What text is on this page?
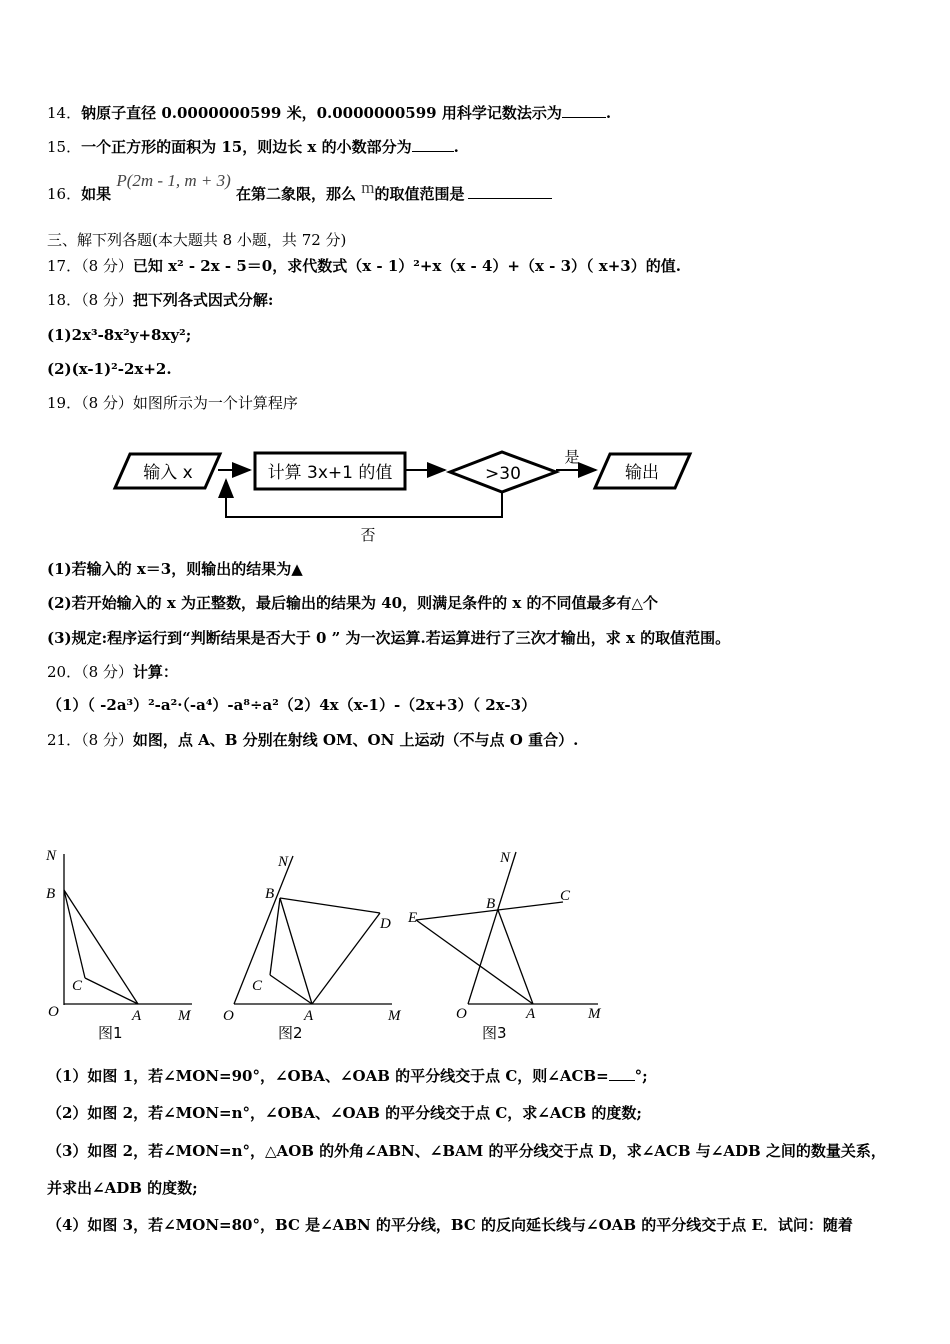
14．钠原子直径 0.0000000599 米，0.0000000599 用科学记数法示为	.
15．一个正方形的面积为 15，则边长 x 的小数部分为	.
16．如果 P(2m - 1, m + 3) 在第二象限，那么 m的取值范围是
三、解下列各题(本大题共 8 小题，共 72 分)
17．（8 分）已知 x² - 2x - 5＝0，求代数式（x - 1）²+x（x - 4）+（x - 3）（ x+3）的值.
18．（8 分）把下列各式因式分解:
(1)2x³-8x²y+8xy²;
(2)(x-1)²-2x+2.
19．（8 分）如图所示为一个计算程序
输入 x	计算 3x+1 的值	>30
是
输出
否
(1)若输入的 x＝3，则输出的结果为▲
(2)若开始输入的 x 为正整数，最后输出的结果为 40，则满足条件的 x 的不同值最多有△个
(3)规定:程序运行到“判断结果是否大于 0 ” 为一次运算.若运算进行了三次才输出，求 x 的取值范围。
20．（8 分）计算：
（1）（ -2a³）²-a²·（-a⁴）-a⁸÷a²（2）4x（x-1）-（2x+3）（ 2x-3）
21．（8 分）如图，点 A、B 分别在射线 OM、ON 上运动（不与点 O 重合）.
N
B
C
O	A M
N
B
C
D
O	A	M
N
B	C
E
O	A	M
图1	图2	图3
（1）如图 1，若∠MON=90°，∠OBA、∠OAB 的平分线交于点 C，则∠ACB= °;
（2）如图 2，若∠MON=n°，∠OBA、∠OAB 的平分线交于点 C，求∠ACB 的度数;
（3）如图 2，若∠MON=n°，△AOB 的外角∠ABN、∠BAM 的平分线交于点 D，求∠ACB 与∠ADB 之间的数量关系，
并求出∠ADB 的度数;
（4）如图 3，若∠MON=80°，BC 是∠ABN 的平分线，BC 的反向延长线与∠OAB 的平分线交于点 E．试问：随着
